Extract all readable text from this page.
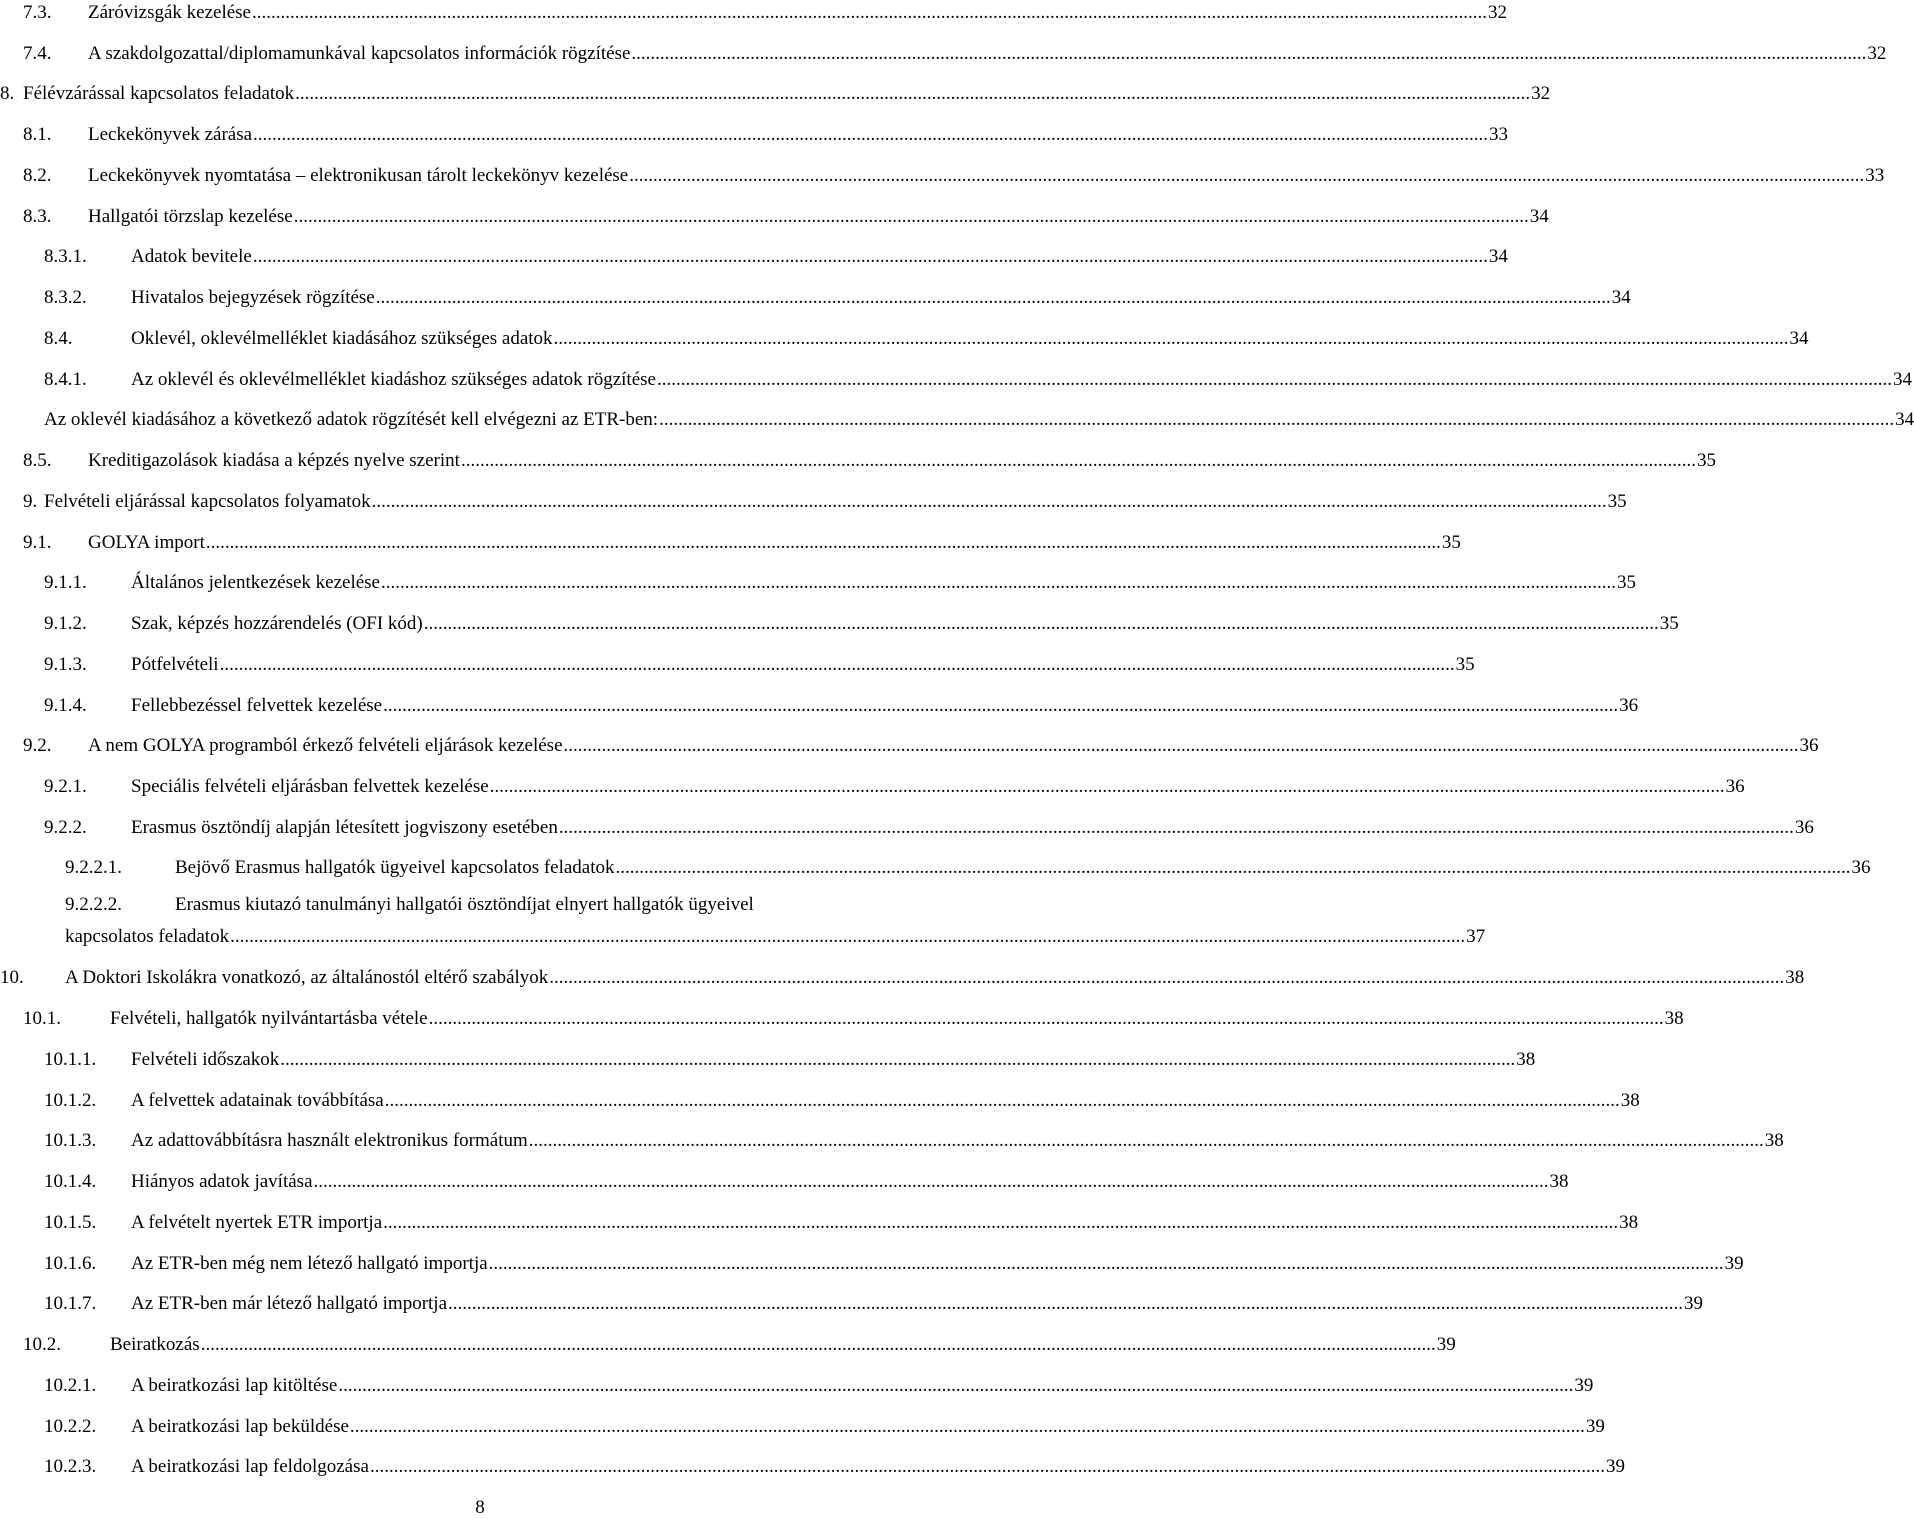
7.3.	Záróvizsgák kezelése .....	32
7.4.	A szakdolgozattal/diplomamunkával kapcsolatos információk rögzítése .....	32
8. Félévzárással kapcsolatos feladatok .....	32
8.1.	Leckekönyvek zárása .....	33
8.2.	Leckekönyvek nyomtatása – elektronikusan tárolt leckekönyv kezelése .....	33
8.3.	Hallgatói törzslap kezelése .....	34
8.3.1.	Adatok bevitele .....	34
8.3.2.	Hivatalos bejegyzések rögzítése .....	34
8.4.	Oklevél, oklevélmelléklet kiadásához szükséges adatok .....	34
8.4.1.	Az oklevél és oklevélmelléklet kiadáshoz szükséges adatok rögzítése .....	34
Az oklevél kiadásához a következő adatok rögzítését kell elvégezni az ETR-ben: .....	34
8.5.	Kreditigazolások kiadása a képzés nyelve szerint .....	35
9. Felvételi eljárással kapcsolatos folyamatok .....	35
9.1.	GOLYA import .....	35
9.1.1.	Általános jelentkezések kezelése .....	35
9.1.2.	Szak, képzés hozzárendelés (OFI kód) .....	35
9.1.3.	Pótfelvételi .....	35
9.1.4.	Fellebbezéssel felvettek kezelése .....	36
9.2.	A nem GOLYA programból érkező felvételi eljárások kezelése .....	36
9.2.1.	Speciális felvételi eljárásban felvettek kezelése .....	36
9.2.2.	Erasmus ösztöndíj alapján létesített jogviszony esetében .....	36
9.2.2.1.	Bejövő Erasmus hallgatók ügyeivel kapcsolatos feladatok .....	36
9.2.2.2.	Erasmus kiutazó tanulmányi hallgatói ösztöndíjat elnyert hallgatók ügyeivel
kapcsolatos feladatok .....	37
10.	A Doktori Iskolákra vonatkozó, az általánostól eltérő szabályok .....	38
10.1.	Felvételi, hallgatók nyilvántartásba vétele .....	38
10.1.1.	Felvételi időszakok .....	38
10.1.2.	A felvettek adatainak továbbítása .....	38
10.1.3.	Az adattovábbításra használt elektronikus formátum .....	38
10.1.4.	Hiányos adatok javítása .....	38
10.1.5.	A felvételt nyertek ETR importja .....	38
10.1.6.	Az ETR-ben még nem létező hallgató importja .....	39
10.1.7.	Az ETR-ben már létező hallgató importja .....	39
10.2.	Beiratkozás .....	39
10.2.1.	A beiratkozási lap kitöltése .....	39
10.2.2.	A beiratkozási lap beküldése .....	39
10.2.3.	A beiratkozási lap feldolgozása .....	39
8
